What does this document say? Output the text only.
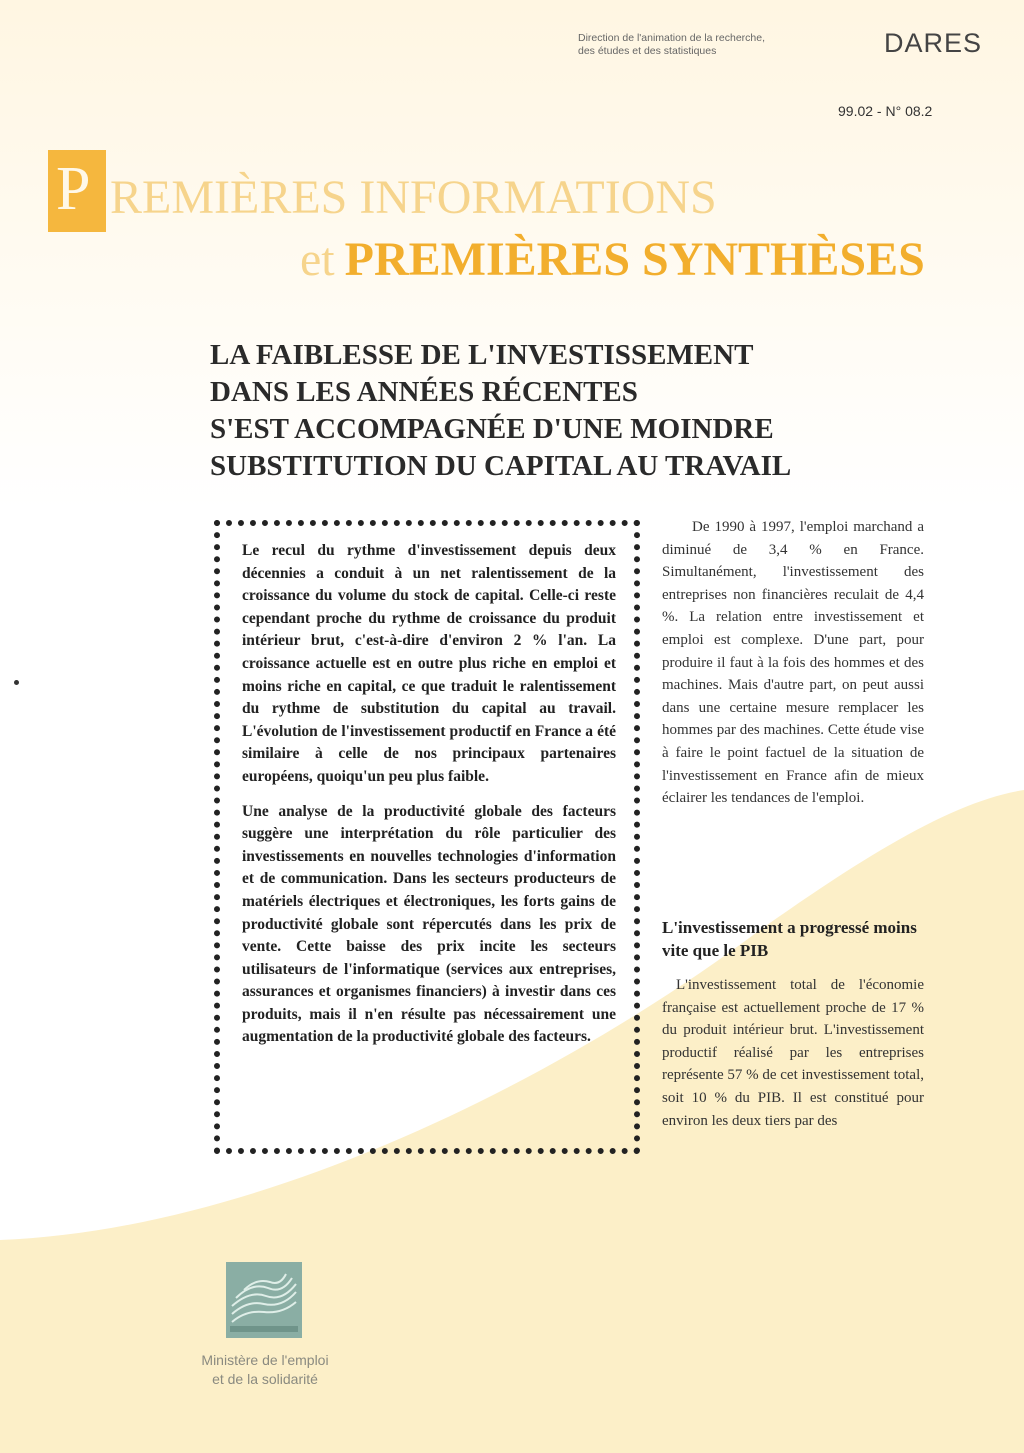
Direction de l'animation de la recherche,
des études et des statistiques	DARES
99.02 - N° 08.2
P REMIÈRES INFORMATIONS
et PREMIÈRES SYNTHÈSES
LA FAIBLESSE DE L'INVESTISSEMENT
DANS LES ANNÉES RÉCENTES
S'EST ACCOMPAGNÉE D'UNE MOINDRE
SUBSTITUTION DU CAPITAL AU TRAVAIL

Le recul du rythme d'investissement depuis deux décennies a conduit à un net ralentissement de la croissance du volume du stock de capital. Celle-ci reste cependant proche du rythme de croissance du produit intérieur brut, c'est-à-dire d'environ 2 % l'an. La croissance actuelle est en outre plus riche en emploi et moins riche en capital, ce que traduit le ralentissement du rythme de substitution du capital au travail. L'évolution de l'investissement productif en France a été similaire à celle de nos principaux partenaires européens, quoiqu'un peu plus faible.

Une analyse de la productivité globale des facteurs suggère une interprétation du rôle particulier des investissements en nouvelles technologies d'information et de communication. Dans les secteurs producteurs de matériels électriques et électroniques, les forts gains de productivité globale sont répercutés dans les prix de vente. Cette baisse des prix incite les secteurs utilisateurs de l'informatique (services aux entreprises, assurances et organismes financiers) à investir dans ces produits, mais il n'en résulte pas nécessairement une augmentation de la productivité globale des facteurs.

De 1990 à 1997, l'emploi marchand a diminué de 3,4 % en France. Simultanément, l'investissement des entreprises non financières reculait de 4,4 %. La relation entre investissement et emploi est complexe. D'une part, pour produire il faut à la fois des hommes et des machines. Mais d'autre part, on peut aussi dans une certaine mesure remplacer les hommes par des machines. Cette étude vise à faire le point factuel de la situation de l'investissement en France afin de mieux éclairer les tendances de l'emploi.

L'investissement a progressé moins vite que le PIB

L'investissement total de l'économie française est actuellement proche de 17 % du produit intérieur brut. L'investissement productif réalisé par les entreprises représente 57 % de cet investissement total, soit 10 % du PIB. Il est constitué pour environ les deux tiers par des

Ministère de l'emploi
et de la solidarité
